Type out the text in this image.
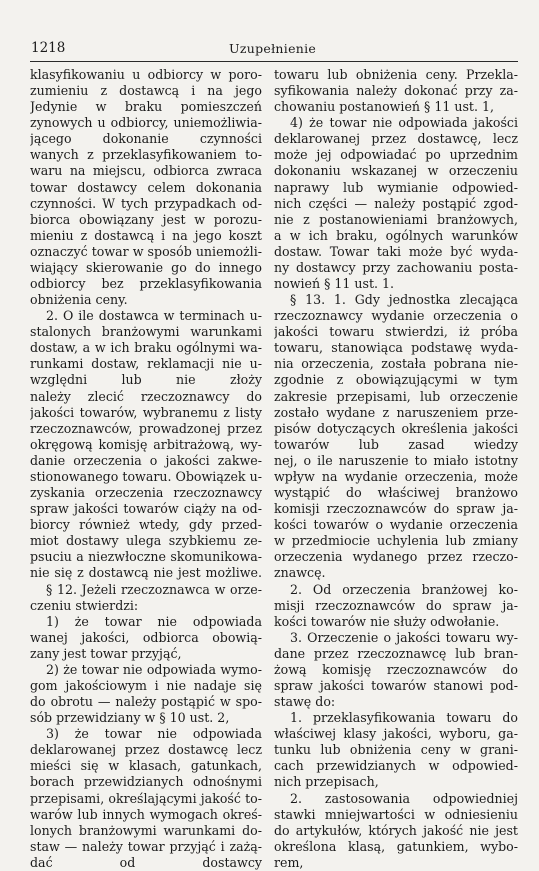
1218	Uzupełnienie
klasyfikowaniu u odbiorcy w poro-
zumieniu z dostawcą i na jego
Jedynie w braku pomieszczeń
zynowych u odbiorcy, uniemożliwia-
jącego dokonanie czynności
wanych z przeklasyfikowaniem to-
waru na miejscu, odbiorca zwraca
towar dostawcy celem dokonania
czynności. W tych przypadkach od-
biorca obowiązany jest w porozu-
mieniu z dostawcą i na jego koszt
oznaczyć towar w sposób uniemożli-
wiający skierowanie go do innego
odbiorcy bez przeklasyfikowania
obniżenia ceny.
2. O ile dostawca w terminach u-
stalonych branżowymi warunkami
dostaw, a w ich braku ogólnymi wa-
runkami dostaw, reklamacji nie u-
względni lub nie złoży
należy zlecić rzeczoznawcy do
jakości towarów, wybranemu z listy
rzeczoznawców, prowadzonej przez
okręgową komisję arbitrażową, wy-
danie orzeczenia o jakości zakwe-
stionowanego towaru. Obowiązek u-
zyskania orzeczenia rzeczoznawcy
spraw jakości towarów ciąży na od-
biorcy również wtedy, gdy przed-
miot dostawy ulega szybkiemu ze-
psuciu a niezwłoczne skomunikowa-
nie się z dostawcą nie jest możliwe.
§ 12. Jeżeli rzeczoznawca w orze-
czeniu stwierdzi:
1) że towar nie odpowiada
wanej jakości, odbiorca obowią-
zany jest towar przyjąć,
2) że towar nie odpowiada wymo-
gom jakościowym i nie nadaje się
do obrotu — należy postąpić w spo-
sób przewidziany w § 10 ust. 2,
3) że towar nie odpowiada
deklarowanej przez dostawcę lecz
mieści się w klasach, gatunkach,
borach przewidzianych odnośnymi
przepisami, określającymi jakość to-
warów lub innych wymogach okreś-
lonych branżowymi warunkami do-
staw — należy towar przyjąć i zażą-
dać od dostawcy
towaru lub obniżenia ceny. Przekla-
syfikowania należy dokonać przy za-
chowaniu postanowień § 11 ust. 1,
4) że towar nie odpowiada jakości
deklarowanej przez dostawcę, lecz
może jej odpowiadać po uprzednim
dokonaniu wskazanej w orzeczeniu
naprawy lub wymianie odpowied-
nich części — należy postąpić zgod-
nie z postanowieniami branżowych,
a w ich braku, ogólnych warunków
dostaw. Towar taki może być wyda-
ny dostawcy przy zachowaniu posta-
nowień § 11 ust. 1.
§ 13. 1. Gdy jednostka zlecająca
rzeczoznawcy wydanie orzeczenia o
jakości towaru stwierdzi, iż próba
towaru, stanowiąca podstawę wyda-
nia orzeczenia, została pobrana nie-
zgodnie z obowiązującymi w tym
zakresie przepisami, lub orzeczenie
zostało wydane z naruszeniem prze-
pisów dotyczących określenia jakości
towarów lub zasad wiedzy
nej, o ile naruszenie to miało istotny
wpływ na wydanie orzeczenia, może
wystąpić do właściwej branżowo
komisji rzeczoznawców do spraw ja-
kości towarów o wydanie orzeczenia
w przedmiocie uchylenia lub zmiany
orzeczenia wydanego przez rzeczo-
znawcę.
2. Od orzeczenia branżowej ko-
misji rzeczoznawców do spraw ja-
kości towarów nie służy odwołanie.
3. Orzeczenie o jakości towaru wy-
dane przez rzeczoznawcę lub bran-
żową komisję rzeczoznawców do
spraw jakości towarów stanowi pod-
stawę do:
1. przeklasyfikowania towaru do
właściwej klasy jakości, wyboru, ga-
tunku lub obniżenia ceny w grani-
cach przewidzianych w odpowied-
nich przepisach,
2. zastosowania odpowiedniej
stawki mniejwartości w odniesieniu
do artykułów, których jakość nie jest
określona klasą, gatunkiem, wybo-
rem,
